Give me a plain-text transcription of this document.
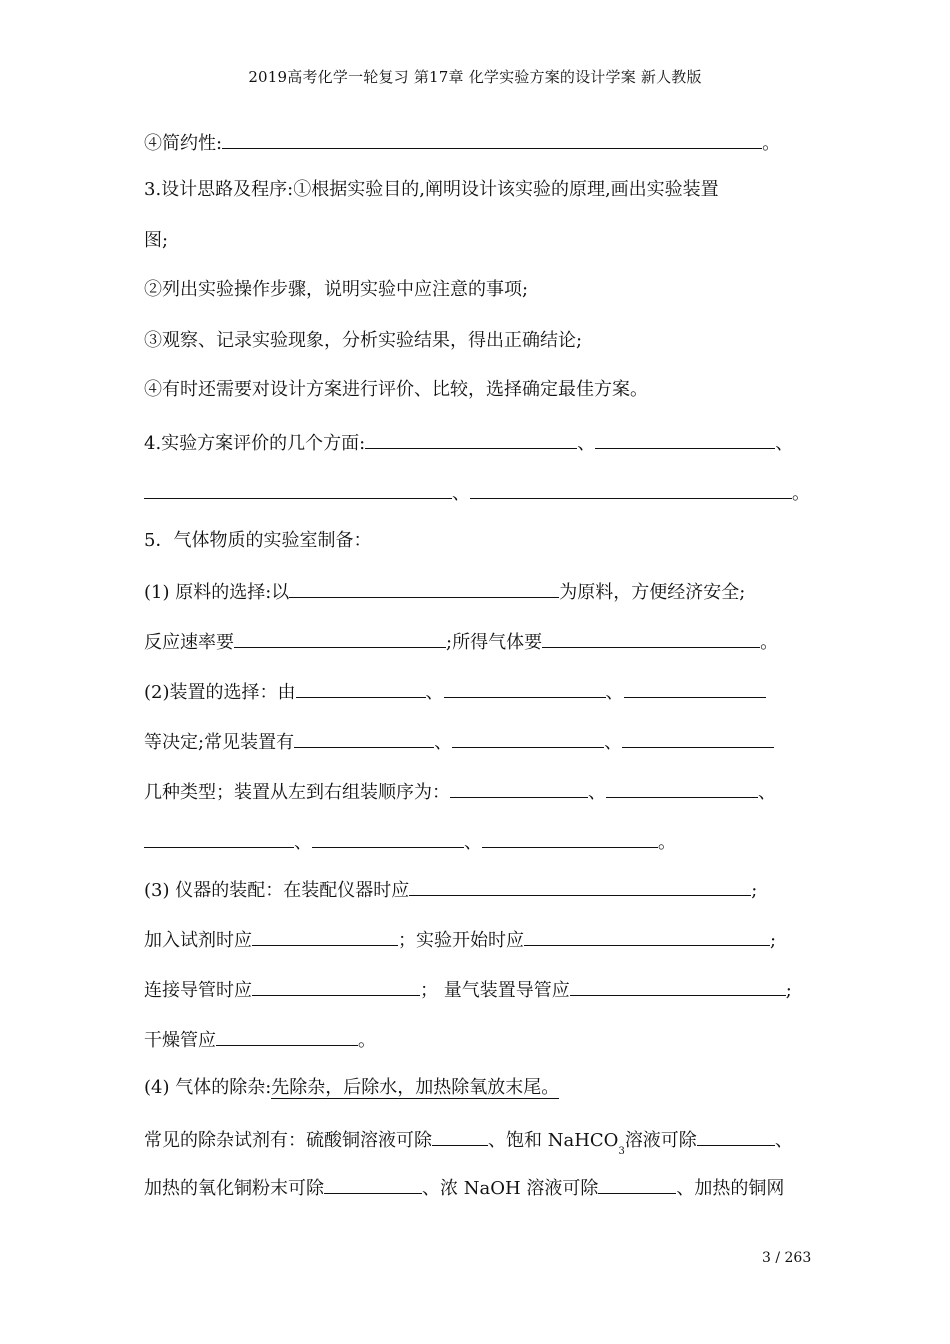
2019高考化学一轮复习 第17章 化学实验方案的设计学案 新人教版
④简约性:	。
3.设计思路及程序:①根据实验目的,阐明设计该实验的原理,画出实验装置
图;
②列出实验操作步骤，说明实验中应注意的事项;
③观察、记录实验现象，分析实验结果，得出正确结论;
④有时还需要对设计方案进行评价、比较，选择确定最佳方案。
4.实验方案评价的几个方面:	、	、
、	。
5．气体物质的实验室制备：
(1) 原料的选择:以	为原料，方便经济安全;
反应速率要	;所得气体要	。
(2)装置的选择：由	、	、
等决定;常见装置有	、	、
几种类型；装置从左到右组装顺序为：	、	、
、	、	。
(3) 仪器的装配：在装配仪器时应	;
加入试剂时应	；实验开始时应	;
连接导管时应	； 量气装置导管应	;
干燥管应	。
(4) 气体的除杂:先除杂，后除水，加热除氧放末尾。
常见的除杂试剂有：硫酸铜溶液可除	、饱和 NaHCO$_3$溶液可除	、
加热的氧化铜粉末可除	、浓 NaOH 溶液可除	、加热的铜网
3 / 263
